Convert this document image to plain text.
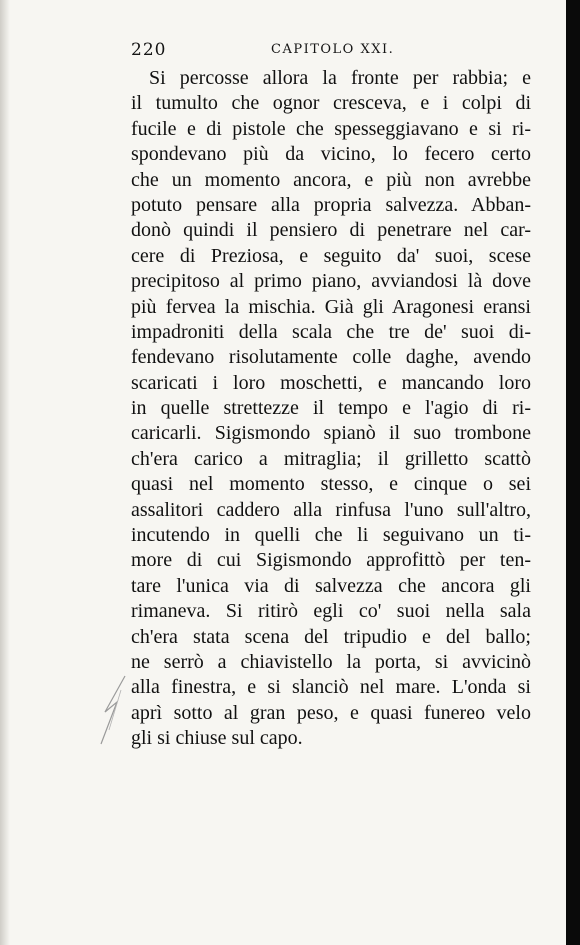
220	CAPITOLO XXI.
Si percosse allora la fronte per rabbia; e
il tumulto che ognor cresceva, e i colpi di
fucile e di pistole che spesseggiavano e si ri-
spondevano più da vicino, lo fecero certo
che un momento ancora, e più non avrebbe
potuto pensare alla propria salvezza. Abban-
donò quindi il pensiero di penetrare nel car-
cere di Preziosa, e seguito da' suoi, scese
precipitoso al primo piano, avviandosi là dove
più fervea la mischia. Già gli Aragonesi eransi
impadroniti della scala che tre de' suoi di-
fendevano risolutamente colle daghe, avendo
scaricati i loro moschetti, e mancando loro
in quelle strettezze il tempo e l'agio di ri-
caricarli. Sigismondo spianò il suo trombone
ch'era carico a mitraglia; il grilletto scattò
quasi nel momento stesso, e cinque o sei
assalitori caddero alla rinfusa l'uno sull'altro,
incutendo in quelli che li seguivano un ti-
more di cui Sigismondo approfittò per ten-
tare l'unica via di salvezza che ancora gli
rimaneva. Si ritirò egli co' suoi nella sala
ch'era stata scena del tripudio e del ballo;
ne serrò a chiavistello la porta, si avvicinò
alla finestra, e si slanciò nel mare. L'onda si
aprì sotto al gran peso, e quasi funereo velo
gli si chiuse sul capo.
